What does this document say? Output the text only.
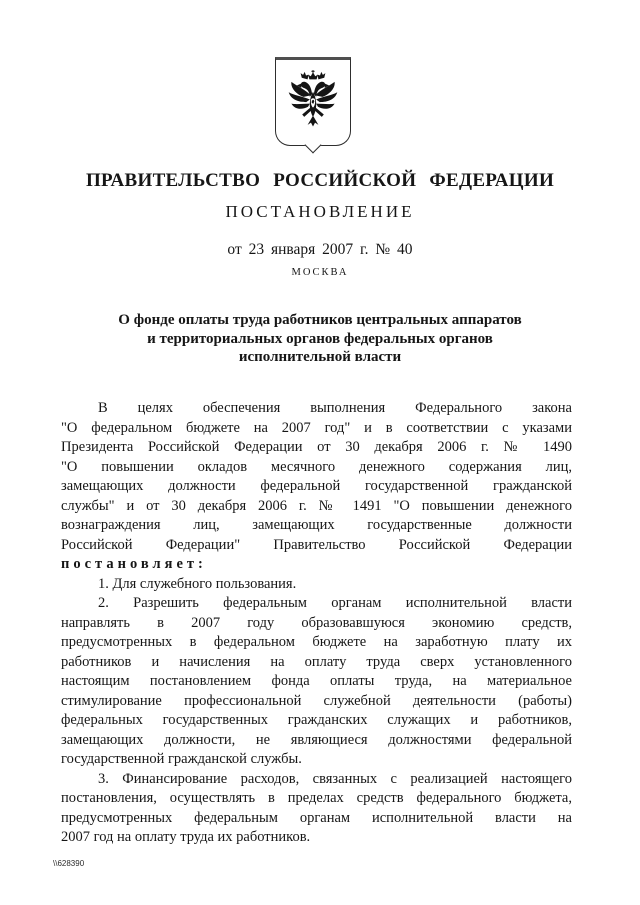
ПРАВИТЕЛЬСТВО РОССИЙСКОЙ ФЕДЕРАЦИИ
ПОСТАНОВЛЕНИЕ
от 23 января 2007 г. № 40
МОСКВА
О фонде оплаты труда работников центральных аппаратов
и территориальных органов федеральных органов
исполнительной власти
В целях обеспечения выполнения Федерального закона
"О федеральном бюджете на 2007 год" и в соответствии с указами
Президента Российской Федерации от 30 декабря 2006 г. № 1490
"О повышении окладов месячного денежного содержания лиц,
замещающих должности федеральной государственной гражданской
службы" и от 30 декабря 2006 г. № 1491 "О повышении денежного
вознаграждения лиц, замещающих государственные должности
Российской Федерации" Правительство Российской Федерации
постановляет:
1. Для служебного пользования.
2. Разрешить федеральным органам исполнительной власти
направлять в 2007 году образовавшуюся экономию средств,
предусмотренных в федеральном бюджете на заработную плату их
работников и начисления на оплату труда сверх установленного
настоящим постановлением фонда оплаты труда, на материальное
стимулирование профессиональной служебной деятельности (работы)
федеральных государственных гражданских служащих и работников,
замещающих должности, не являющиеся должностями федеральной
государственной гражданской службы.
3. Финансирование расходов, связанных с реализацией настоящего
постановления, осуществлять в пределах средств федерального бюджета,
предусмотренных федеральным органам исполнительной власти на
2007 год на оплату труда их работников.
\\628390
